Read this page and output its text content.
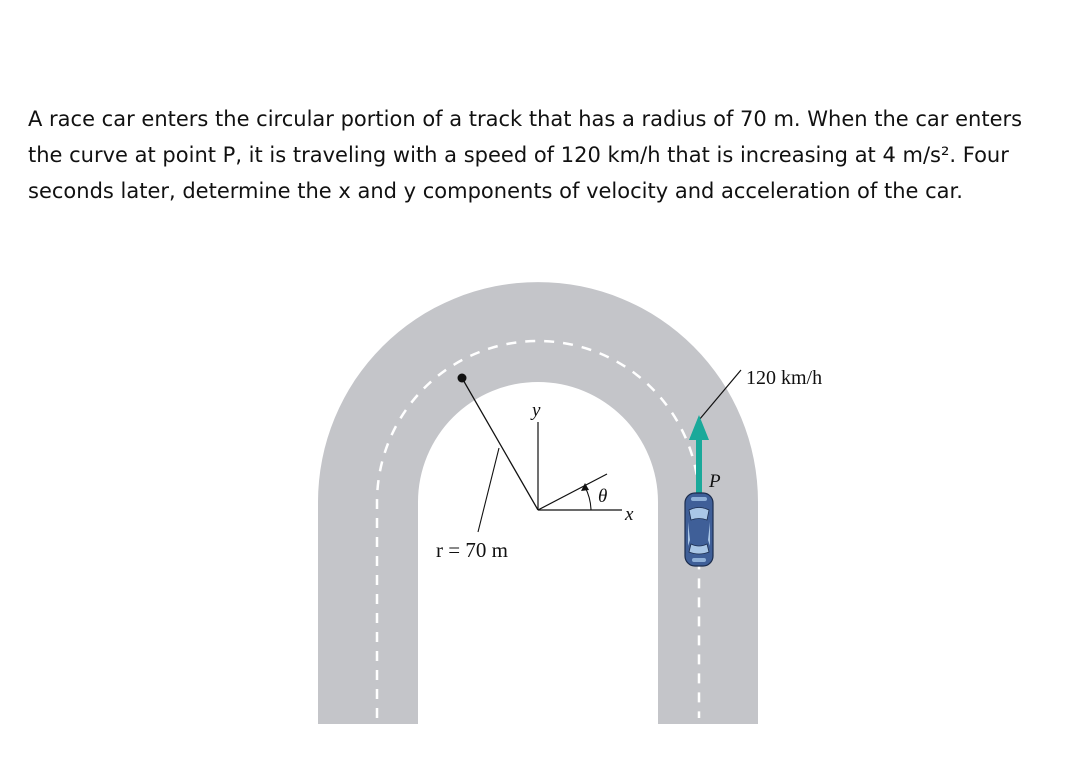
A race car enters the circular portion of a track that has a radius of 70 m. When the car enters
the curve at point P, it is traveling with a speed of 120 km/h that is increasing at 4 m/s². Four
seconds later, determine the x and y components of velocity and acceleration of the car.

120 km/h
r = 70 m
P
y
x
θ
